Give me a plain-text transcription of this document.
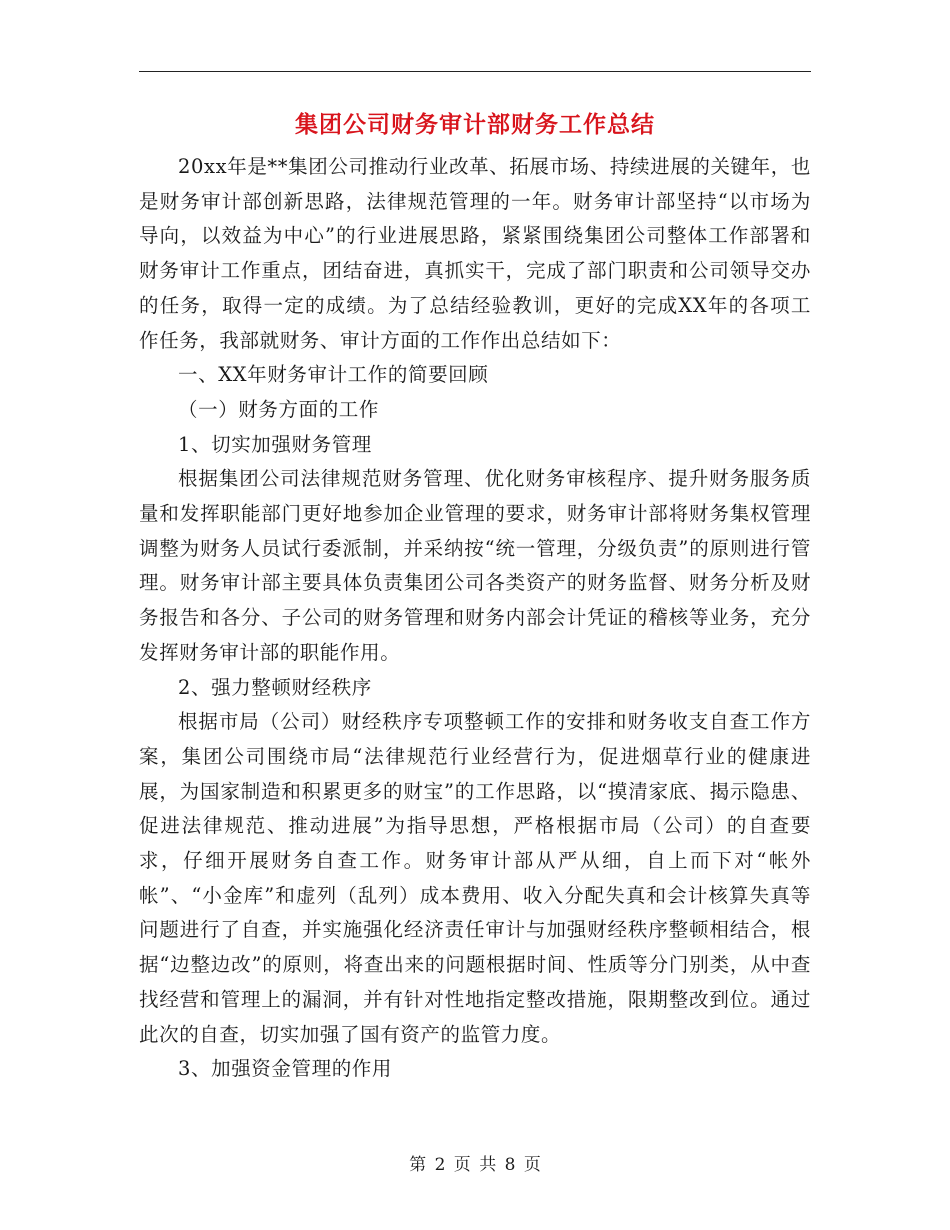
集团公司财务审计部财务工作总结

20xx年是**集团公司推动行业改革、拓展市场、持续进展的关键年，也是财务审计部创新思路，法律规范管理的一年。财务审计部坚持“以市场为导向，以效益为中心”的行业进展思路，紧紧围绕集团公司整体工作部署和财务审计工作重点，团结奋进，真抓实干，完成了部门职责和公司领导交办的任务，取得一定的成绩。为了总结经验教训，更好的完成XX年的各项工作任务，我部就财务、审计方面的工作作出总结如下：

一、XX年财务审计工作的简要回顾

（一）财务方面的工作

1、切实加强财务管理

根据集团公司法律规范财务管理、优化财务审核程序、提升财务服务质量和发挥职能部门更好地参加企业管理的要求，财务审计部将财务集权管理调整为财务人员试行委派制，并采纳按“统一管理，分级负责”的原则进行管理。财务审计部主要具体负责集团公司各类资产的财务监督、财务分析及财务报告和各分、子公司的财务管理和财务内部会计凭证的稽核等业务，充分发挥财务审计部的职能作用。

2、强力整顿财经秩序

根据市局（公司）财经秩序专项整顿工作的安排和财务收支自查工作方案，集团公司围绕市局“法律规范行业经营行为，促进烟草行业的健康进展，为国家制造和积累更多的财宝”的工作思路，以“摸清家底、揭示隐患、促进法律规范、推动进展”为指导思想，严格根据市局（公司）的自查要求，仔细开展财务自查工作。财务审计部从严从细，自上而下对“帐外帐”、“小金库”和虚列（乱列）成本费用、收入分配失真和会计核算失真等问题进行了自查，并实施强化经济责任审计与加强财经秩序整顿相结合，根据“边整边改”的原则，将查出来的问题根据时间、性质等分门别类，从中查找经营和管理上的漏洞，并有针对性地指定整改措施，限期整改到位。通过此次的自查，切实加强了国有资产的监管力度。

3、加强资金管理的作用

第 2 页 共 8 页
